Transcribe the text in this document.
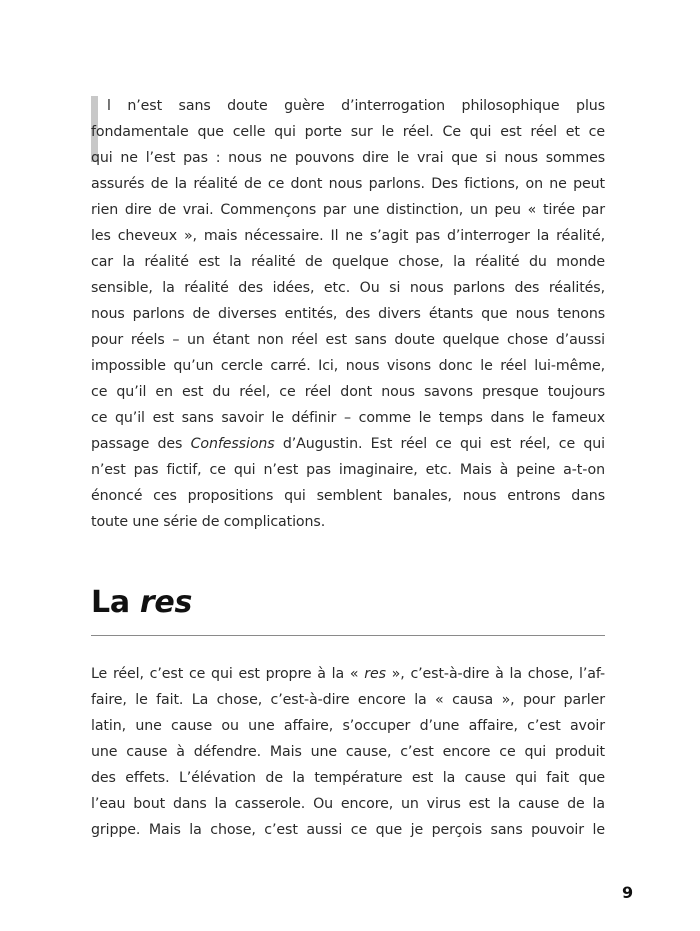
l n’est sans doute guère d’interrogation philosophique plus
fondamentale que celle qui porte sur le réel. Ce qui est réel et ce
qui ne l’est pas : nous ne pouvons dire le vrai que si nous sommes
assurés de la réalité de ce dont nous parlons. Des fictions, on ne peut
rien dire de vrai. Commençons par une distinction, un peu « tirée par
les cheveux », mais nécessaire. Il ne s’agit pas d’interroger la réalité,
car la réalité est la réalité de quelque chose, la réalité du monde
sensible, la réalité des idées, etc. Ou si nous parlons des réalités,
nous parlons de diverses entités, des divers étants que nous tenons
pour réels – un étant non réel est sans doute quelque chose d’aussi
impossible qu’un cercle carré. Ici, nous visons donc le réel lui-même,
ce qu’il en est du réel, ce réel dont nous savons presque toujours
ce qu’il est sans savoir le définir – comme le temps dans le fameux
passage des Confessions d’Augustin. Est réel ce qui est réel, ce qui
n’est pas fictif, ce qui n’est pas imaginaire, etc. Mais à peine a-t-on
énoncé ces propositions qui semblent banales, nous entrons dans
toute une série de complications.
La res
Le réel, c’est ce qui est propre à la « res », c’est-à-dire à la chose, l’af-
faire, le fait. La chose, c’est-à-dire encore la « causa », pour parler
latin, une cause ou une affaire, s’occuper d’une affaire, c’est avoir
une cause à défendre. Mais une cause, c’est encore ce qui produit
des effets. L’élévation de la température est la cause qui fait que
l’eau bout dans la casserole. Ou encore, un virus est la cause de la
grippe. Mais la chose, c’est aussi ce que je perçois sans pouvoir le
9
